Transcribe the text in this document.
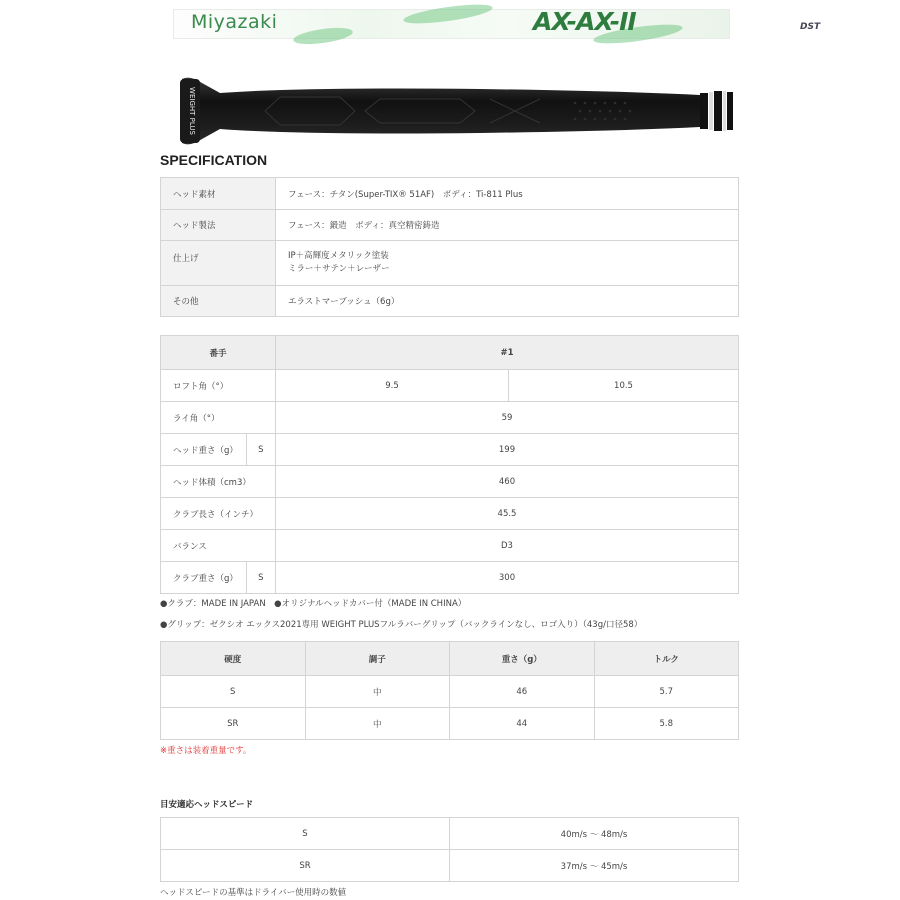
Miyazaki	AX-AX-II	DST
WEIGHT PLUS
SPECIFICATION
ヘッド素材	フェース：チタン(Super-TIX® 51AF)　ボディ：Ti-811 Plus
ヘッド製法	フェース：鍛造　ボディ：真空精密鋳造
仕上げ	IP＋高輝度メタリック塗装
ミラー＋サテン＋レーザー

その他	エラストマーブッシュ（6g）
番手		#1	
ロフト角（°）		9.5	10.5
ライ角（°）		59	
ヘッド重さ（g）	S	199	
ヘッド体積（cm3）		460	
クラブ長さ（インチ）		45.5	
バランス		D3	
クラブ重さ（g）	S	300	
●クラブ：MADE IN JAPAN　●オリジナルヘッドカバー付（MADE IN CHINA）
●グリップ：ゼクシオ エックス2021専用 WEIGHT PLUSフルラバーグリップ（バックラインなし、ロゴ入り）（43g/口径58）
硬度	調子	重さ（g）	トルク
S	中	46	5.7
SR	中	44	5.8
※重さは装着重量です。
目安適応ヘッドスピード
S	40m/s ～ 48m/s
SR	37m/s ～ 45m/s
ヘッドスピードの基準はドライバー使用時の数値
